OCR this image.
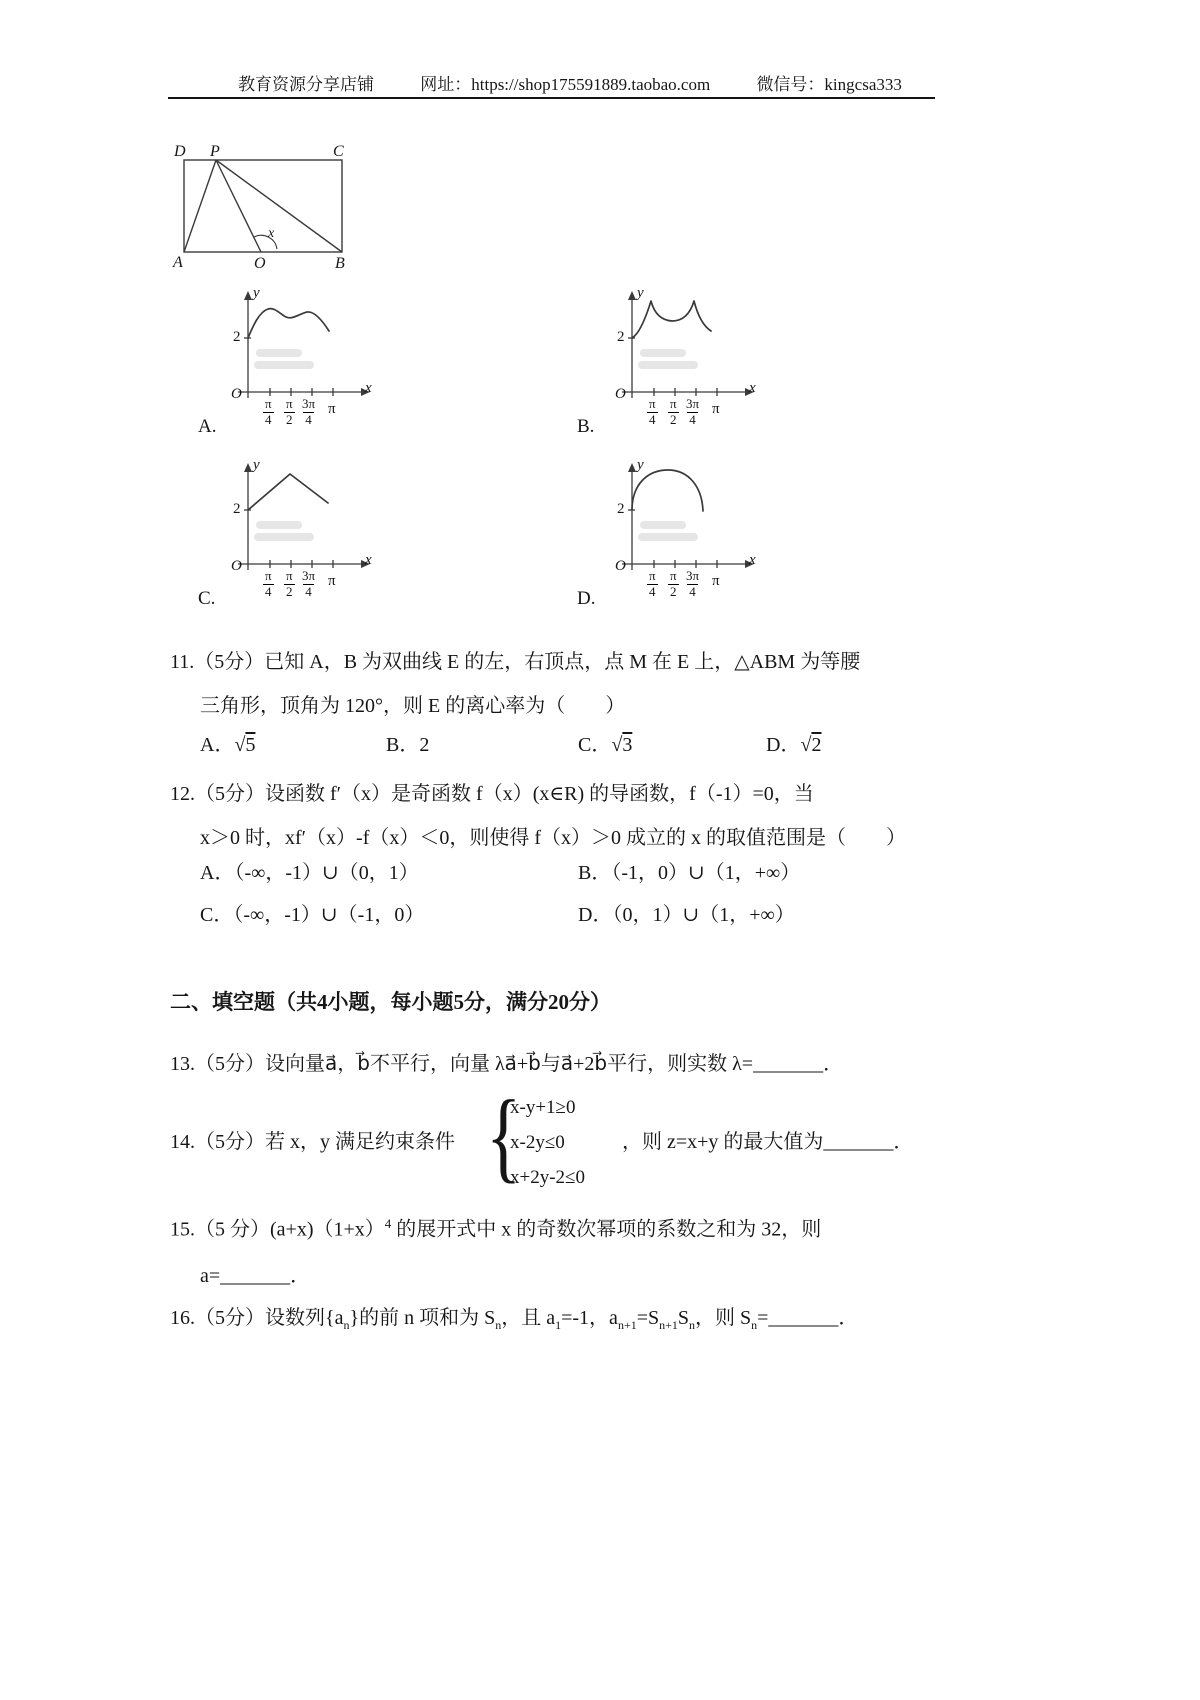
教育资源分享店铺	网址：https://shop175591889.taobao.com	微信号：kingcsa333
D P	C
A	O	B
x
y
x
O
2
$\frac{\pi}{4} \frac{\pi}{2} \frac{3\pi}{4}$ π
y
x
O
2
$\frac{\pi}{4} \frac{\pi}{2} \frac{3\pi}{4}$ π
y
x
O
2
$\frac{\pi}{4} \frac{\pi}{2} \frac{3\pi}{4}$ π
y
x
O
2
$\frac{\pi}{4} \frac{\pi}{2} \frac{3\pi}{4}$ π
A.	B.
C.	D.
11.（5分）已知 A，B 为双曲线 E 的左，右顶点，点 M 在 E 上，△ABM 为等腰
三角形，顶角为 120°，则 E 的离心率为（　　）
A．√5	B．2	C．√3	D．√2
12.（5分）设函数 f′（x）是奇函数 f（x）(x∈R) 的导函数，f（-1）=0，当
x＞0 时，xf′（x）-f（x）＜0，则使得 f（x）＞0 成立的 x 的取值范围是（　　）
A．（-∞，-1）∪（0，1）	B．（-1，0）∪（1，+∞）
C．（-∞，-1）∪（-1，0）	D．（0，1）∪（1，+∞）
二、填空题（共4小题，每小题5分，满分20分）
13.（5分）设向量a⃗，b⃗不平行，向量 λa⃗+b⃗与a⃗+2b⃗平行，则实数 λ=_______．
14.（5分）若 x，y 满足约束条件 {
x-y+1≥0
x-2y≤0
x+2y-2≤0
，则 z=x+y 的最大值为_______．
15.（5 分）$(a+x)(1+x)^4$ 的展开式中 x 的奇数次幂项的系数之和为 32，则
a=_______．
16.（5分）设数列$\{a_n\}$的前 n 项和为 $S_n$，且 $a_1=-1$，$a_{n+1}=S_{n+1}S_n$，则 $S_n=\_\_\_\_\_\_\_$．
